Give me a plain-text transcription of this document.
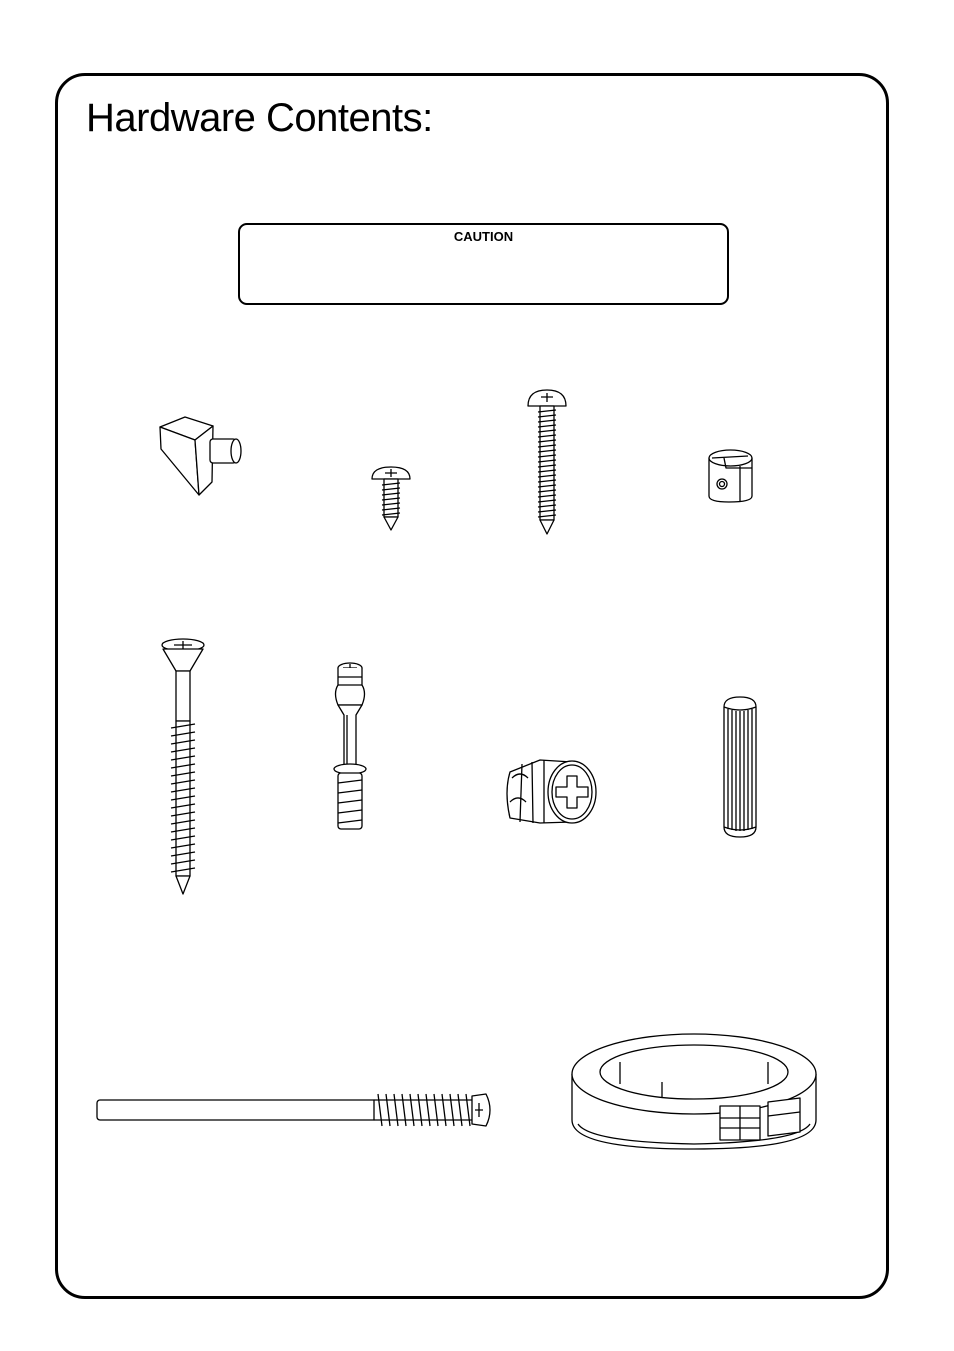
Hardware Contents:
CAUTION
